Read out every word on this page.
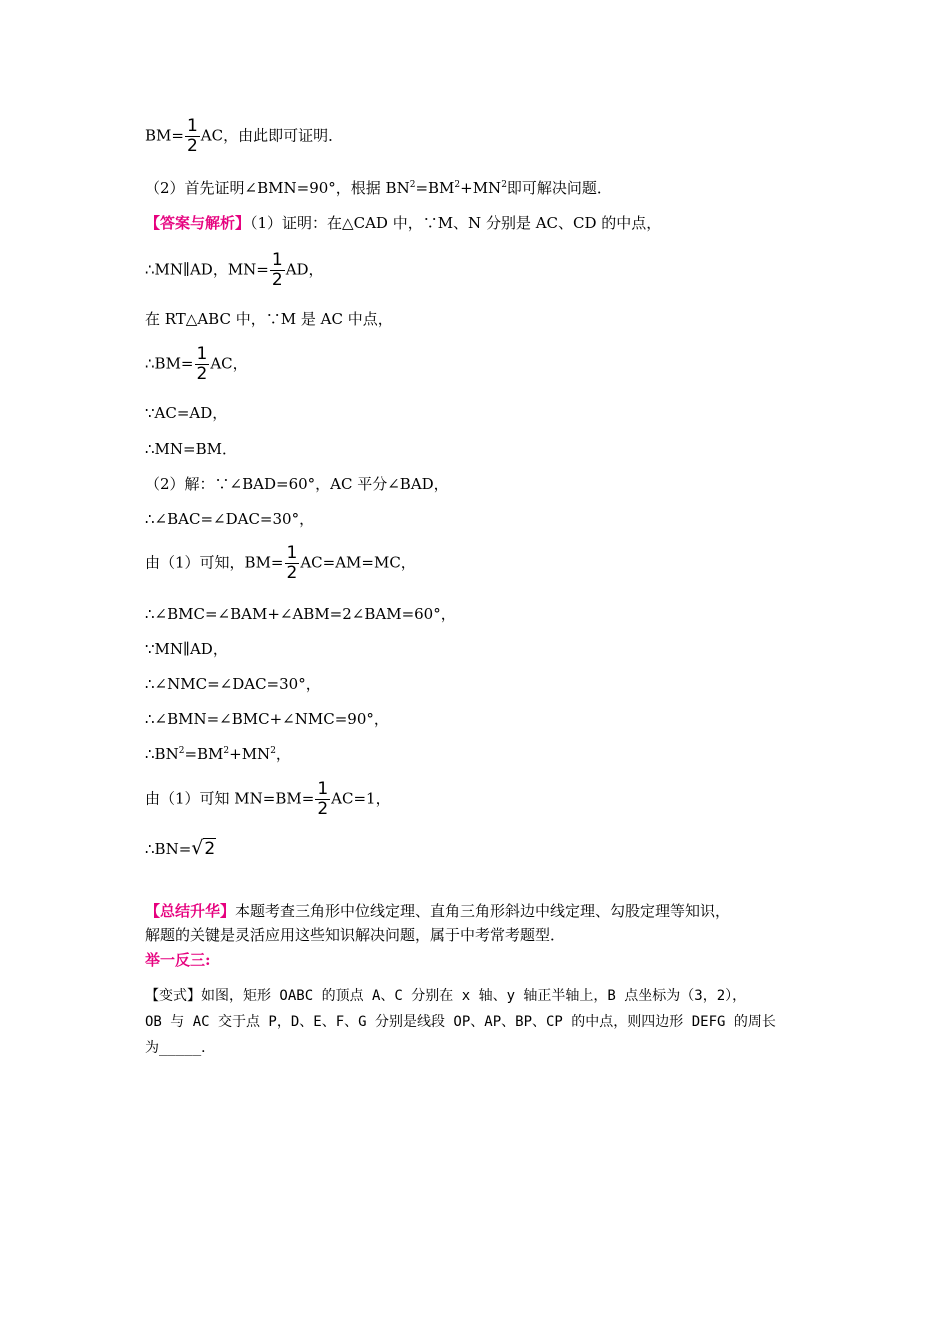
$BM= \frac{1}{2}$ AC，由此即可证明．
（2）首先证明∠BMN=90°，根据 $BN^2=BM^2+MN^2$即可解决问题．
【答案与解析】（1）证明：在△CAD 中，∵M、N 分别是 AC、CD 的中点，
∴MN∥AD，$MN= \frac{1}{2}$ AD，
在 RT△ABC 中，∵M 是 AC 中点，
∴BM= $\frac{1}{2}$ AC，
∵AC=AD，
∴MN=BM．
（2）解：∵∠BAD=60°，AC 平分∠BAD，
∴∠BAC=∠DAC=30°，
由（1）可知，$BM= \frac{1}{2} AC=AM=MC$，
∴∠BMC=∠BAM+∠ABM=2∠BAM=60°，
∵MN∥AD，
∴∠NMC=∠DAC=30°，
∴∠BMN=∠BMC+∠NMC=90°，
$\therefore BN^2=BM^2+MN^2$，
由（1）可知 $MN=BM= \frac{1}{2} AC=1$，
∴BN=√2
【总结升华】本题考查三角形中位线定理、直角三角形斜边中线定理、勾股定理等知识，
解题的关键是灵活应用这些知识解决问题，属于中考常考题型．
举一反三:
【变式】如图，矩形 OABC 的顶点 A、C 分别在 x 轴、y 轴正半轴上，B 点坐标为（3，2），
OB 与 AC 交于点 P，D、E、F、G 分别是线段 OP、AP、BP、CP 的中点，则四边形 DEFG 的周长
为_____．
